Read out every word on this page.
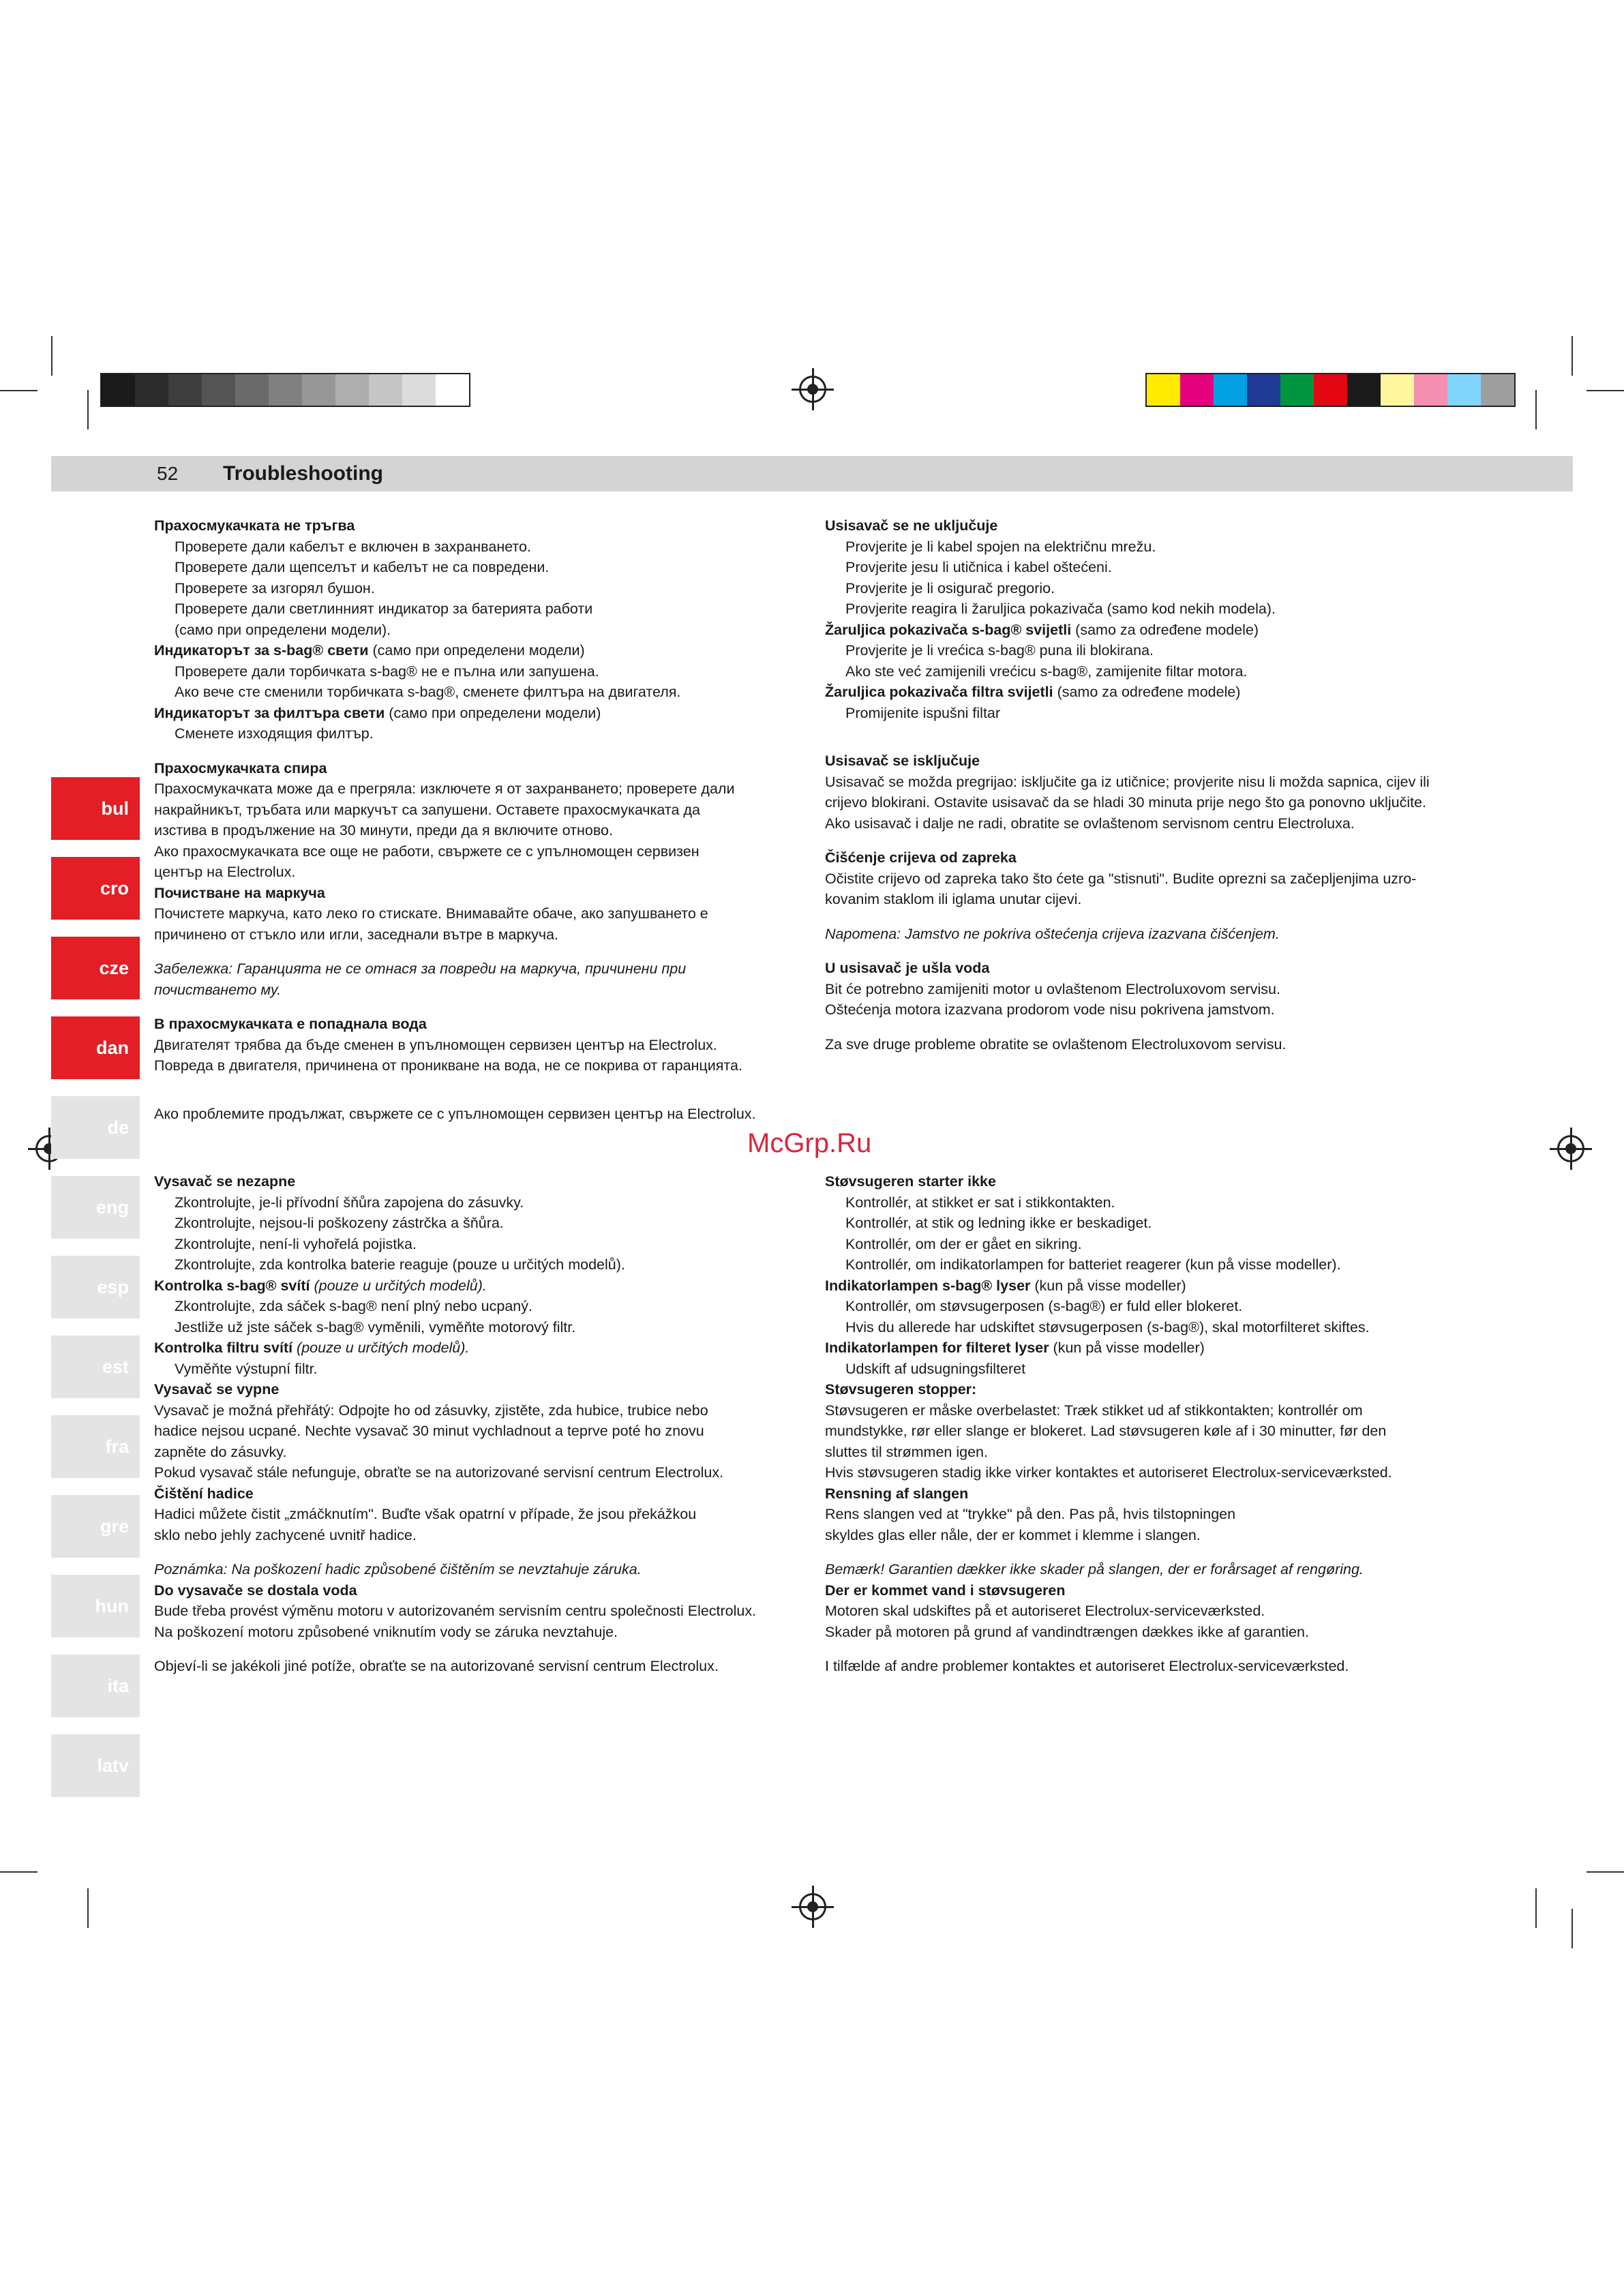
52 Troubleshooting
bul
cro
cze
dan
de
eng
esp
est
fra
gre
hun
ita
latv
McGrp.Ru

Прахосмукачката не тръгва

Проверете дали кабелът е включен в захранването.

Проверете дали щепселът и кабелът не са повредени.

Проверете за изгорял бушон.

Проверете дали светлинният индикатор за батерията работи

(само при определени модели).

Индикаторът за s-bag® свети (само при определени модели)

Проверете дали торбичката s-bag® не е пълна или запушена.

Ако вече сте сменили торбичката s-bag®, сменете филтъра на двигателя.

Индикаторът за филтъра свети (само при определени модели)

Сменете изходящия филтър.

Прахосмукачката спира

Прахосмукачката може да е прегряла: изключете я от захранването; проверете дали

накрайникът, тръбата или маркучът са запушени. Оставете прахосмукачката да

изстива в продължение на 30 минути, преди да я включите отново.

Ако прахосмукачката все още не работи, свържете се с упълномощен сервизен

център на Electrolux.

Почистване на маркуча

Почистете маркуча, като леко го стискате. Внимавайте обаче, ако запушването е

причинено от стъкло или игли, заседнали вътре в маркуча.

Забележка: Гаранцията не се отнася за повреди на маркуча, причинени при

почистването му.

В прахосмукачката е попаднала вода

Двигателят трябва да бъде сменен в упълномощен сервизен център на Electrolux.

Повреда в двигателя, причинена от проникване на вода, не се покрива от гаранцията.

Ако проблемите продължат, свържете се с упълномощен сервизен център на Electrolux.

Usisavač se ne uključuje

Provjerite je li kabel spojen na električnu mrežu.

Provjerite jesu li utičnica i kabel oštećeni.

Provjerite je li osigurač pregorio.

Provjerite reagira li žaruljica pokazivača (samo kod nekih modela).

Žaruljica pokazivača s-bag® svijetli (samo za određene modele)

Provjerite je li vrećica s-bag® puna ili blokirana.

Ako ste već zamijenili vrećicu s-bag®, zamijenite filtar motora.

Žaruljica pokazivača filtra svijetli (samo za određene modele)

Promijenite ispušni filtar

Usisavač se isključuje

Usisavač se možda pregrijao: isključite ga iz utičnice; provjerite nisu li možda sapnica, cijev ili

crijevo blokirani. Ostavite usisavač da se hladi 30 minuta prije nego što ga ponovno uključite.

Ako usisavač i dalje ne radi, obratite se ovlaštenom servisnom centru Electroluxa.

Čišćenje crijeva od zapreka

Očistite crijevo od zapreka tako što ćete ga "stisnuti". Budite oprezni sa začepljenjima uzro-

kovanim staklom ili iglama unutar cijevi.

Napomena: Jamstvo ne pokriva oštećenja crijeva izazvana čišćenjem.

U usisavač je ušla voda

Bit će potrebno zamijeniti motor u ovlaštenom Electroluxovom servisu.

Oštećenja motora izazvana prodorom vode nisu pokrivena jamstvom.

Za sve druge probleme obratite se ovlaštenom Electroluxovom servisu.

Vysavač se nezapne

Zkontrolujte, je-li přívodní šňůra zapojena do zásuvky.

Zkontrolujte, nejsou-li poškozeny zástrčka a šňůra.

Zkontrolujte, není-li vyhořelá pojistka.

Zkontrolujte, zda kontrolka baterie reaguje (pouze u určitých modelů).

Kontrolka s-bag® svítí (pouze u určitých modelů).

Zkontrolujte, zda sáček s-bag® není plný nebo ucpaný.

Jestliže už jste sáček s-bag® vyměnili, vyměňte motorový filtr.

Kontrolka filtru svítí (pouze u určitých modelů).

Vyměňte výstupní filtr.

Vysavač se vypne

Vysavač je možná přehřátý: Odpojte ho od zásuvky, zjistěte, zda hubice, trubice nebo

hadice nejsou ucpané. Nechte vysavač 30 minut vychladnout a teprve poté ho znovu

zapněte do zásuvky.

Pokud vysavač stále nefunguje, obraťte se na autorizované servisní centrum Electrolux.

Čištění hadice

Hadici můžete čistit „zmáčknutím". Buďte však opatrní v případe, že jsou překážkou

sklo nebo jehly zachycené uvnitř hadice.

Poznámka: Na poškození hadic způsobené čištěním se nevztahuje záruka.

Do vysavače se dostala voda

Bude třeba provést výměnu motoru v autorizovaném servisním centru společnosti Electrolux.

Na poškození motoru způsobené vniknutím vody se záruka nevztahuje.

Objeví-li se jakékoli jiné potíže, obraťte se na autorizované servisní centrum Electrolux.

Støvsugeren starter ikke

Kontrollér, at stikket er sat i stikkontakten.

Kontrollér, at stik og ledning ikke er beskadiget.

Kontrollér, om der er gået en sikring.

Kontrollér, om indikatorlampen for batteriet reagerer (kun på visse modeller).

Indikatorlampen s-bag® lyser (kun på visse modeller)

Kontrollér, om støvsugerposen (s-bag®) er fuld eller blokeret.

Hvis du allerede har udskiftet støvsugerposen (s-bag®), skal motorfilteret skiftes.

Indikatorlampen for filteret lyser (kun på visse modeller)

Udskift af udsugningsfilteret

Støvsugeren stopper:

Støvsugeren er måske overbelastet: Træk stikket ud af stikkontakten; kontrollér om

mundstykke, rør eller slange er blokeret. Lad støvsugeren køle af i 30 minutter, før den

sluttes til strømmen igen.

Hvis støvsugeren stadig ikke virker kontaktes et autoriseret Electrolux-serviceværksted.

Rensning af slangen

Rens slangen ved at "trykke" på den. Pas på, hvis tilstopningen

skyldes glas eller nåle, der er kommet i klemme i slangen.

Bemærk! Garantien dækker ikke skader på slangen, der er forårsaget af rengøring.

Der er kommet vand i støvsugeren

Motoren skal udskiftes på et autoriseret Electrolux-serviceværksted.

Skader på motoren på grund af vandindtrængen dækkes ikke af garantien.

I tilfælde af andre problemer kontaktes et autoriseret Electrolux-serviceværksted.
